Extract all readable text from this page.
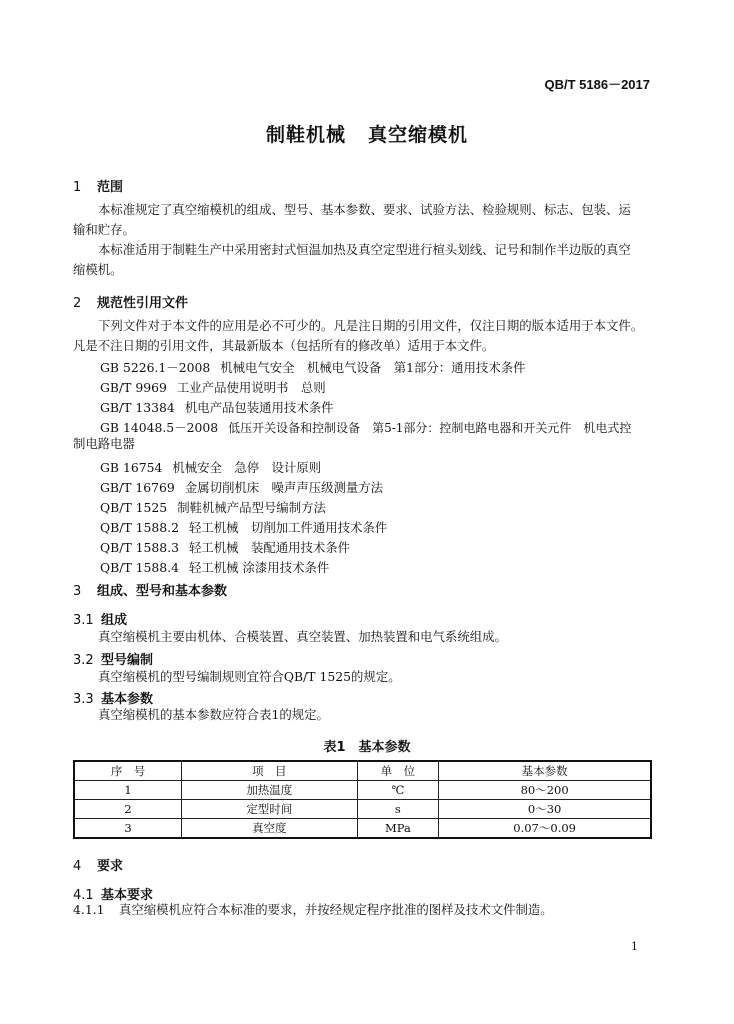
QB/T 5186－2017
制鞋机械 真空缩模机
1 范围
本标准规定了真空缩模机的组成、型号、基本参数、要求、试验方法、检验规则、标志、包装、运
输和贮存。
本标准适用于制鞋生产中采用密封式恒温加热及真空定型进行楦头划线、记号和制作半边版的真空
缩模机。
2 规范性引用文件
下列文件对于本文件的应用是必不可少的。凡是注日期的引用文件，仅注日期的版本适用于本文件。
凡是不注日期的引用文件，其最新版本（包括所有的修改单）适用于本文件。
GB 5226.1－2008 机械电气安全　机械电气设备　第1部分：通用技术条件
GB/T 9969 工业产品使用说明书　总则
GB/T 13384 机电产品包装通用技术条件
GB 14048.5－2008 低压开关设备和控制设备　第5-1部分：控制电路电器和开关元件　机电式控
制电路电器
GB 16754 机械安全　急停　设计原则
GB/T 16769 金属切削机床　噪声声压级测量方法
QB/T 1525 制鞋机械产品型号编制方法
QB/T 1588.2 轻工机械　切削加工件通用技术条件
QB/T 1588.3 轻工机械　装配通用技术条件
QB/T 1588.4 轻工机械 涂漆用技术条件
3 组成、型号和基本参数
3.1 组成
真空缩模机主要由机体、合模装置、真空装置、加热装置和电气系统组成。
3.2 型号编制
真空缩模机的型号编制规则宜符合QB/T 1525的规定。
3.3 基本参数
真空缩模机的基本参数应符合表1的规定。
表1　基本参数
序　号	项　目	单　位	基本参数
1	加热温度	℃	80～200
2	定型时间	s	0～30
3	真空度	MPa	0.07～0.09
4 要求
4.1 基本要求
4.1.1 真空缩模机应符合本标准的要求，并按经规定程序批准的图样及技术文件制造。
1
